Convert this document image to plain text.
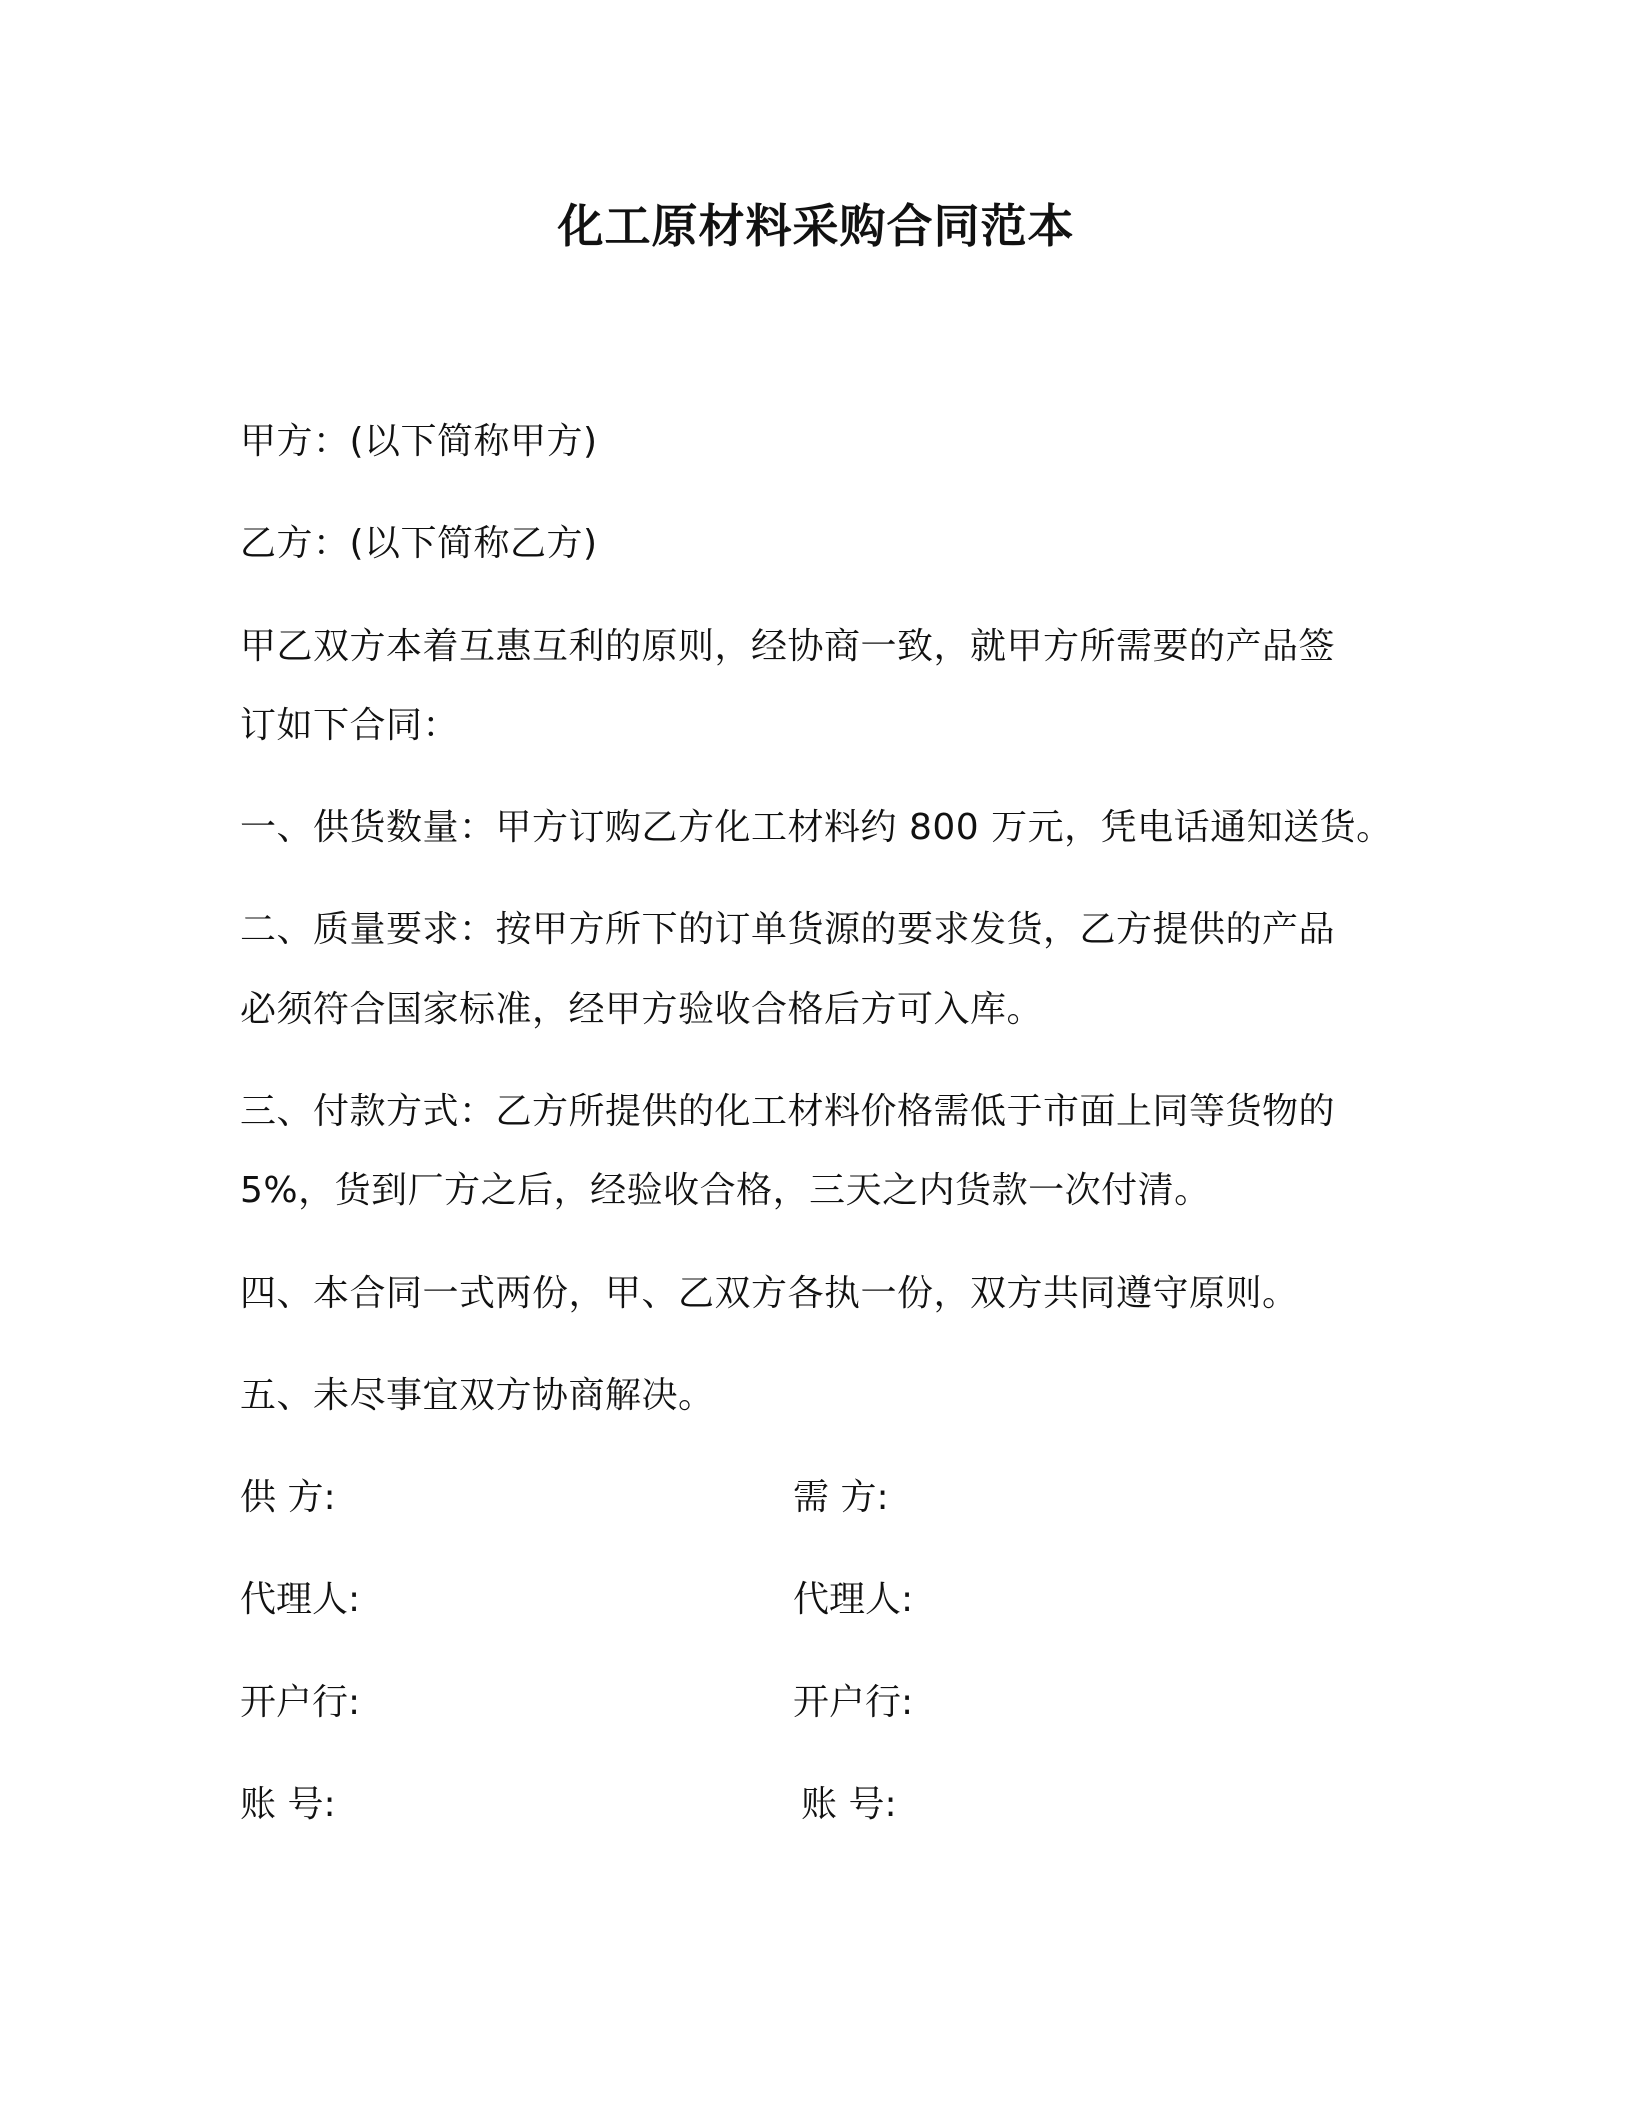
化工原材料采购合同范本
甲方：(以下简称甲方)
乙方：(以下简称乙方)
甲乙双方本着互惠互利的原则，经协商一致，就甲方所需要的产品签
订如下合同：
一、供货数量：甲方订购乙方化工材料约 800 万元，凭电话通知送货。
二、质量要求：按甲方所下的订单货源的要求发货，乙方提供的产品
必须符合国家标准，经甲方验收合格后方可入库。
三、付款方式：乙方所提供的化工材料价格需低于市面上同等货物的
5%，货到厂方之后，经验收合格，三天之内货款一次付清。
四、本合同一式两份，甲、乙双方各执一份，双方共同遵守原则。
五、未尽事宜双方协商解决。
供 方:	需 方:
代理人:	代理人:
开户行:	开户行:
账 号:	账 号:
